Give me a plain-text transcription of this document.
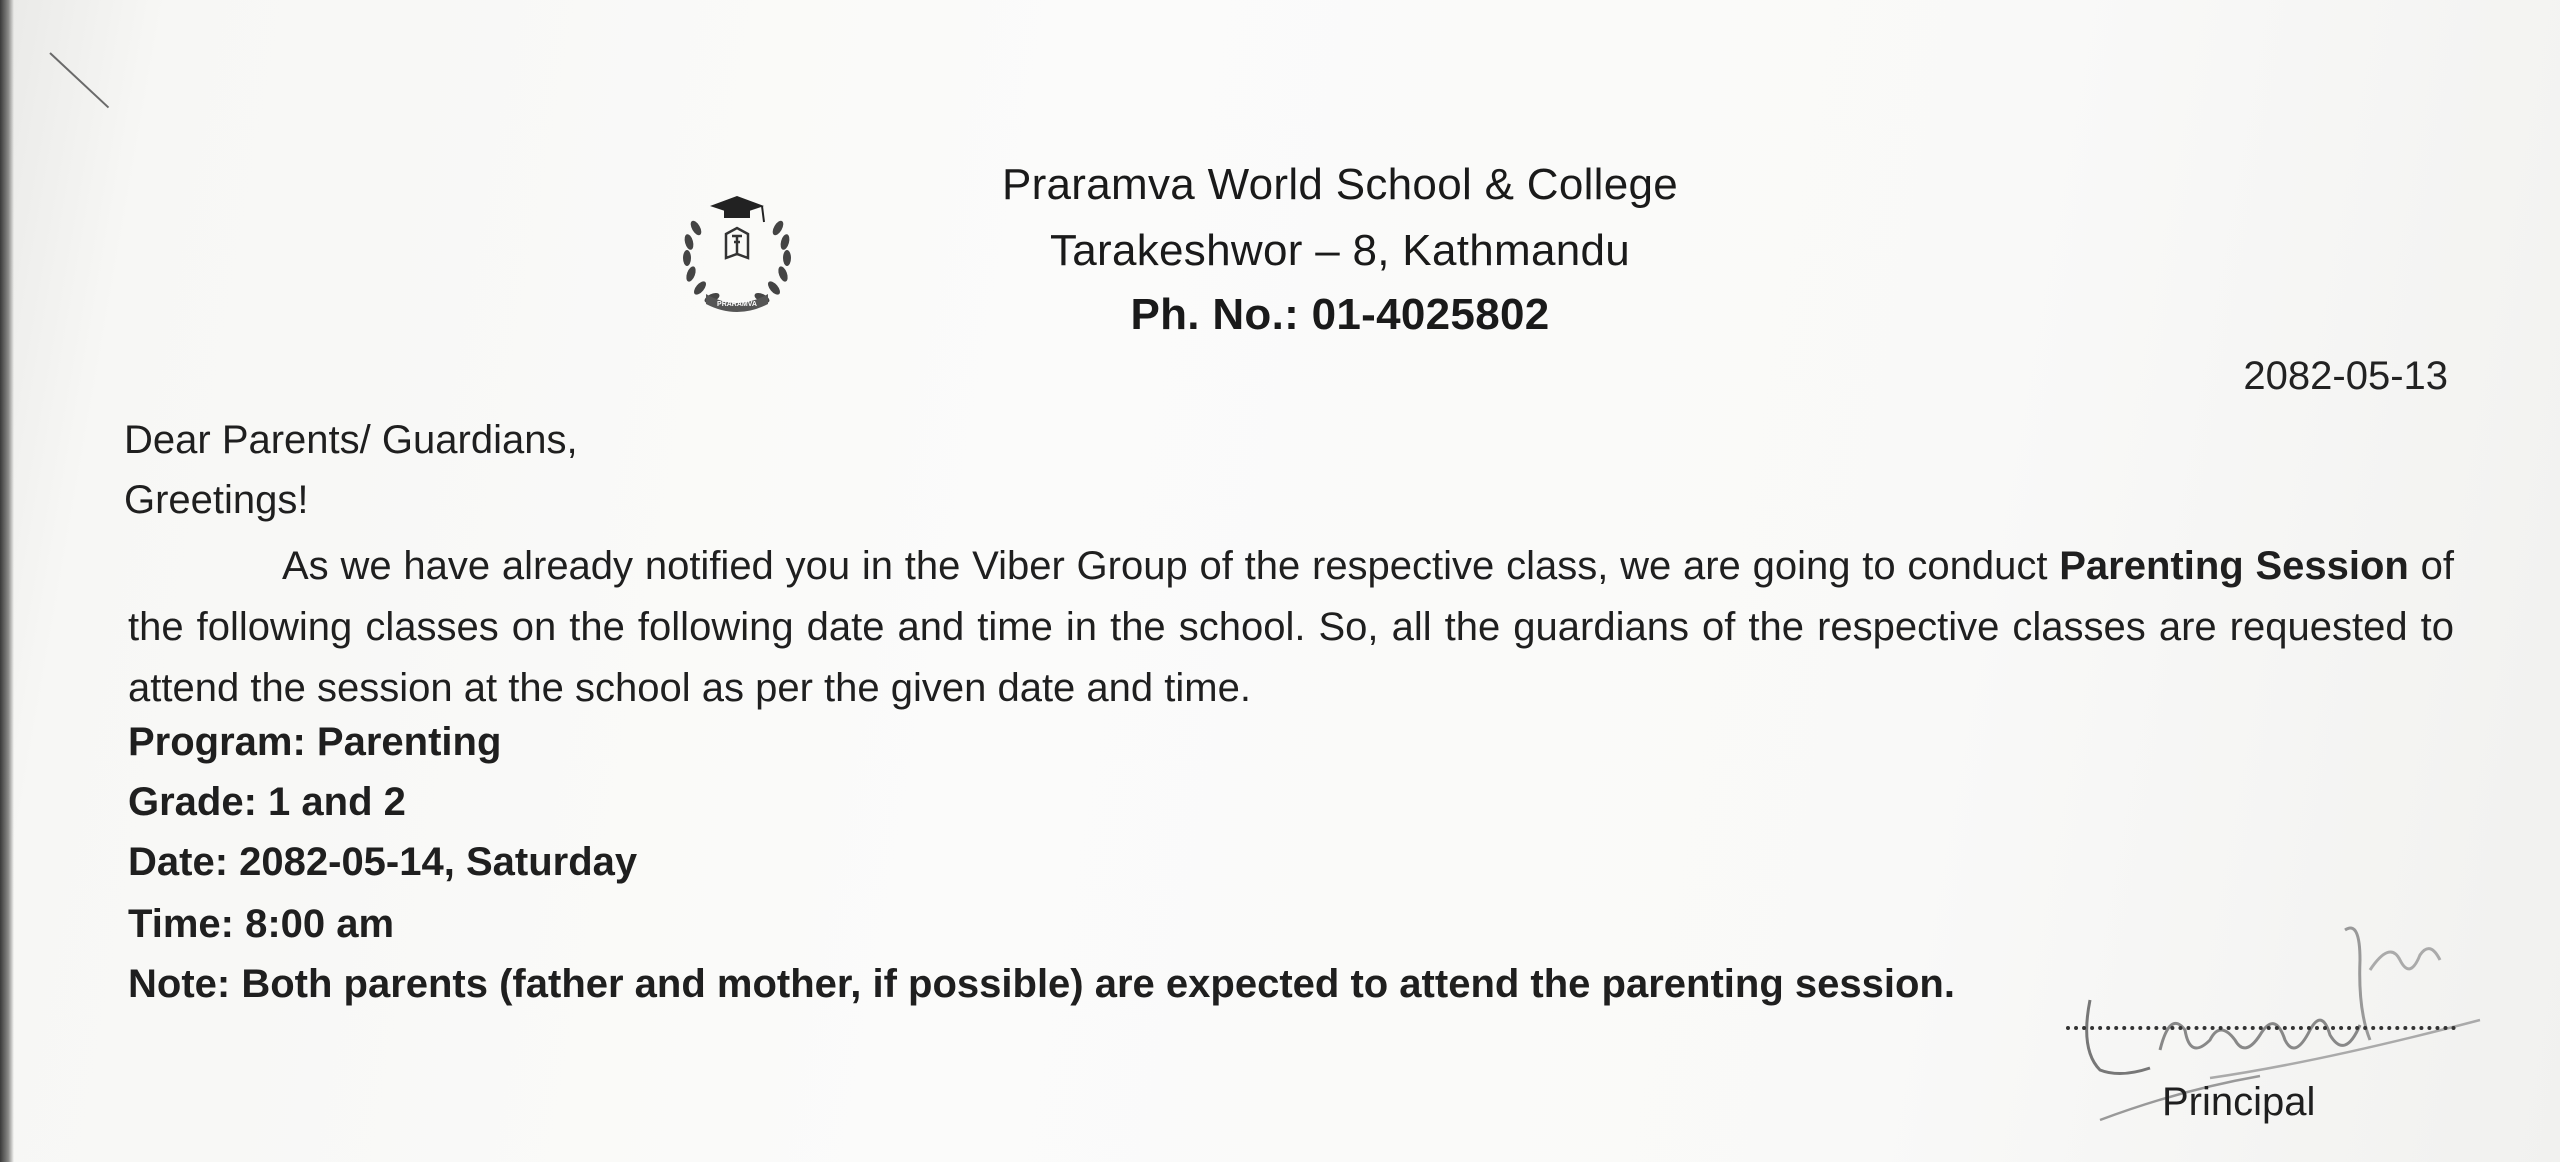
PRARAMVA
Praramva World School & College
Tarakeshwor – 8, Kathmandu
Ph. No.: 01-4025802
2082-05-13
Dear Parents/ Guardians,
Greetings!
As we have already notified you in the Viber Group of the respective class, we are going to conduct Parenting Session of the following classes on the following date and time in the school. So, all the guardians of the respective classes are requested to attend the session at the school as per the given date and time.
Program: Parenting
Grade: 1 and 2
Date: 2082-05-14, Saturday
Time: 8:00 am
Note: Both parents (father and mother, if possible) are expected to attend the parenting session.
Principal
